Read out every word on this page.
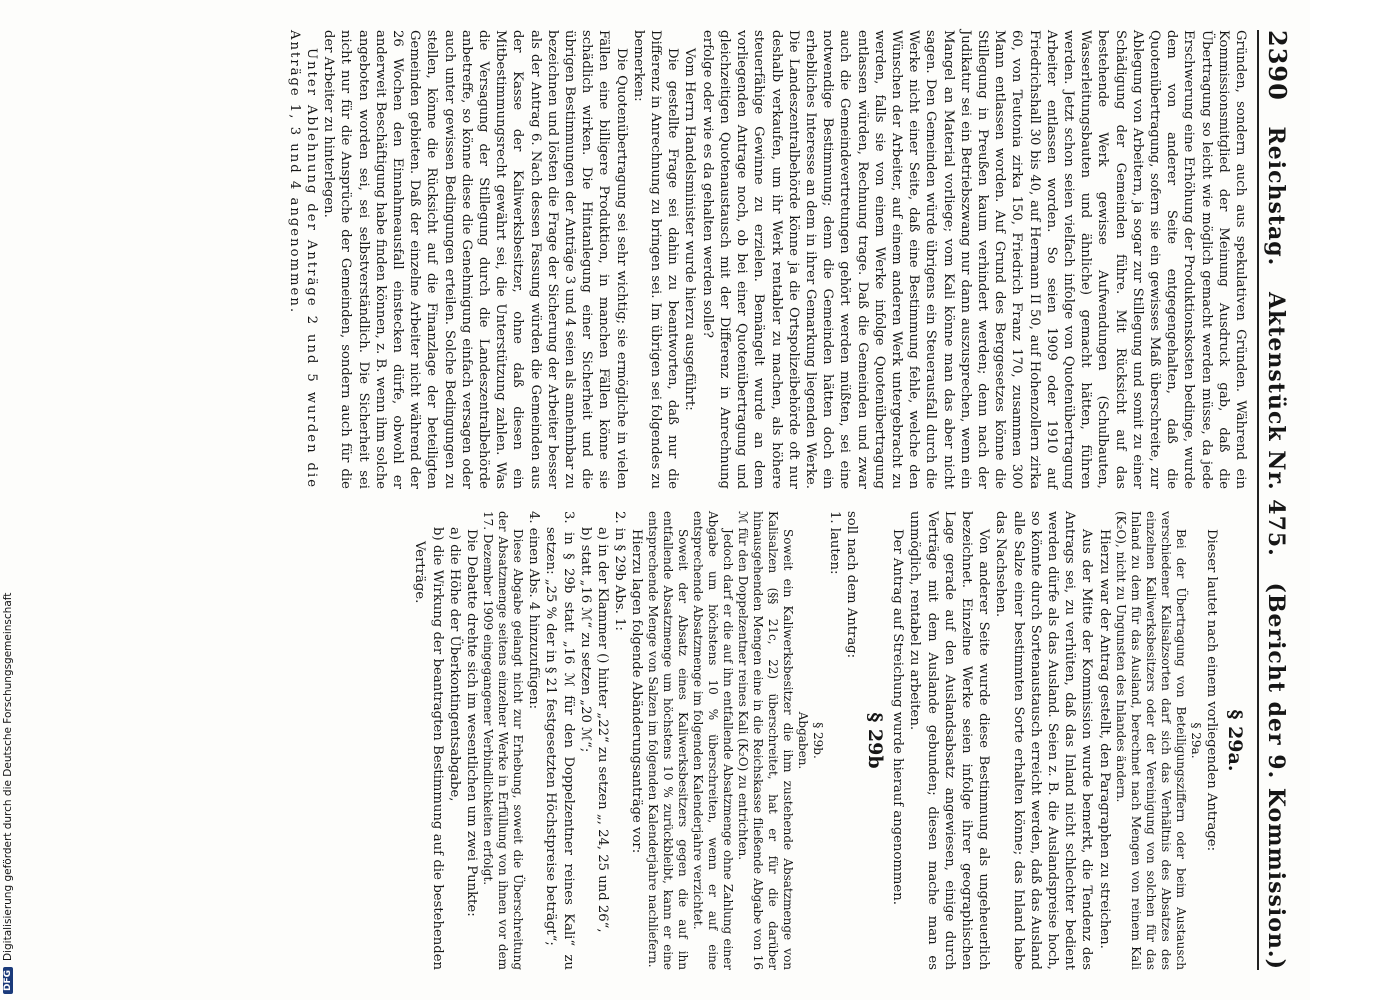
2390
Reichstag.
Aktenstück Nr. 475.
(Bericht der 9. Kommission.)

Gründen, sondern auch aus spekulativen Gründen. Während ein Kommissionsmitglied der Meinung Ausdruck gab, daß die Übertragung so leicht wie möglich gemacht werden müsse, da jede Erschwerung eine Erhöhung der Produktionskosten bedinge, wurde dem von anderer Seite entgegengehalten, daß die Quotenübertragung, sofern sie ein gewisses Maß überschreite, zur Ablegung von Arbeitern, ja sogar zur Stillegung und somit zu einer Schädigung der Gemeinden führe. Mit Rücksicht auf das bestehende Werk gewisse Aufwendungen (Schulbauten, Wasserleitungsbauten und ähnliche) gemacht hätten, führen werden. Jetzt schon seien vielfach infolge von Quotenübertragung Arbeiter entlassen worden. So seien 1909 oder 1910 auf Friedrichshall 30 bis 40, auf Hermann II 50, auf Hohenzollern zirka 60, von Teutonia zirka 150, Friedrich Franz 170, zusammen 300 Mann entlassen worden. Auf Grund des Berggesetzes könne die Stillegung in Preußen kaum verhindert werden; denn nach der Judikatur sei ein Betriebszwang nur dann auszusprechen, wenn ein Mangel an Material vorliege; vom Kali könne man das aber nicht sagen. Den Gemeinden würde übrigens ein Steuerausfall durch die Werke nicht einer Seite, daß eine Bestimmung fehle, welche den Wünschen der Arbeiter, auf einem anderen Werk untergebracht zu werden, falls sie von einem Werke infolge Quotenübertragung entlassen würden, Rechnung trage. Daß die Gemeinden und zwar auch die Gemeindevertretungen gehört werden müßten, sei eine notwendige Bestimmung; denn die Gemeinden hätten doch ein erhebliches Interesse an dem in ihrer Gemarkung liegenden Werke. Die Landeszentralbehörde könne ja die Ortspolizeibehörde oft nur deshalb verkaufen, um ihr Werk rentabler zu machen, als höhere steuerfähige Gewinne zu erzielen. Bemängelt wurde an dem vorliegenden Antrage noch, ob bei einer Quotenübertragung und gleichzeitigen Quotenaustausch mit der Differenz in Anrechnung erfolge oder wie es da gehalten werden solle?

Vom Herrn Handelsminister wurde hierzu ausgeführt:

Die gestellte Frage sei dahin zu beantworten, daß nur die Differenz in Anrechnung zu bringen sei. Im übrigen sei folgendes zu bemerken:

Die Quotenübertragung sei sehr wichtig; sie ermögliche in vielen Fällen eine billigere Produktion, in manchen Fällen könne sie schädlich wirken. Die Hintanlegung einer Sicherheit und die übrigen Bestimmungen der Anträge 3 und 4 seien als annehmbar zu bezeichnen und lösten die Frage der Sicherung der Arbeiter besser als der Antrag 6. Nach dessen Fassung würden die Gemeinden aus der Kasse der Kaliwerksbesitzer, ohne daß diesen ein Mitbestimmungsrecht gewährt sei, die Unterstützung zahlen. Was die Versagung der Stillegung durch die Landeszentralbehörde anbetreffe, so könne diese die Genehmigung einfach versagen oder auch unter gewissen Bedingungen erteilen. Solche Bedingungen zu stellen, könne die Rücksicht auf die Finanzlage der beteiligten Gemeinden gebieten. Daß der einzelne Arbeiter nicht während der 26 Wochen den Einnahmeausfall einstecken dürfe, obwohl er anderweit Beschäftigung habe finden können, z. B. wenn ihm solche angeboten worden sei, sei selbstverständlich. Die Sicherheit sei nicht nur für die Ansprüche der Gemeinden, sondern auch für die der Arbeiter zu hinterlegen.

Unter Ablehnung der Anträge 2 und 5 wurden die Anträge 1, 3 und 4 angenommen.

§ 29a.

Dieser lautet nach einem vorliegenden Antrage:

§ 29a.

Bei der Übertragung von Beteiligungsziffern oder beim Austausch verschiedener Kalisalzsorten darf sich das Verhältnis des Absatzes des einzelnen Kaliwerksbesitzers oder der Vereinigung von solchen für das Inland zu dem für das Ausland, berechnet nach Mengen von reinem Kali (K₂O), nicht zu Ungunsten des Inlandes ändern.

Hierzu war der Antrag gestellt, den Paragraphen zu streichen.

Aus der Mitte der Kommission wurde bemerkt, die Tendenz des Antrags sei, zu verhüten, daß das Inland nicht schlechter bedient werden dürfe als das Ausland. Seien z. B. die Auslandspreise hoch, so könnte durch Sortenaustausch erreicht werden, daß das Ausland alle Salze einer bestimmten Sorte erhalten könne; das Inland habe das Nachsehen.

Von anderer Seite wurde diese Bestimmung als ungeheuerlich bezeichnet. Einzelne Werke seien infolge ihrer geographischen Lage gerade auf den Auslandsabsatz angewiesen, einige durch Verträge mit dem Auslande gebunden; diesen mache man es unmöglich, rentabel zu arbeiten.

Der Antrag auf Streichung wurde hierauf angenommen.

§ 29b

soll nach dem Antrag:

1. lauten:

§ 29b.

Abgaben.

Soweit ein Kaliwerksbesitzer die ihm zustehende Absatzmenge von Kalisalzen (§§ 21c, 22) überschreitet, hat er für die darüber hinausgehenden Mengen eine in die Reichskasse fließende Abgabe von 16 ℳ für den Doppelzentner reines Kali (K₂O) zu entrichten.

Jedoch darf er die auf ihn entfallende Absatzmenge ohne Zahlung einer Abgabe um höchstens 10 % überschreiten, wenn er auf eine entsprechende Absatzmenge im folgenden Kalenderjahre verzichtet.

Soweit der Absatz eines Kaliwerksbesitzers gegen die auf ihn entfallende Absatzmenge um höchstens 10 % zurückbleibt, kann er eine entsprechende Menge von Salzen im folgenden Kalenderjahre nachliefern.

Hierzu lagen folgende Abänderungsanträge vor:

2. in § 29b Abs. 1:

a) in der Klammer () hinter „22“ zu setzen „, 24, 25 und 26“,

b) statt „16 ℳ“ zu setzen „20 ℳ“;

3. in § 29b statt „16 ℳ für den Doppelzentner reines Kali“ zu setzen: „25 % der in § 21 festgesetzten Höchstpreise beträgt“;

4. einen Abs. 4 hinzuzufügen:

Diese Abgabe gelangt nicht zur Erhebung, soweit die Überschreitung der Absatzmenge seitens einzelner Werke in Erfüllung von ihnen vor dem 17. Dezember 1909 eingegangener Verbindlichkeiten erfolgt.

Die Debatte drehte sich im wesentlichen um zwei Punkte:

a) die Höhe der Überkontingentsabgabe,

b) die Wirkung der beantragten Bestimmung auf die bestehenden Verträge.

DFGDigitalisierung gefördert durch die Deutsche Forschungsgemeinschaft
